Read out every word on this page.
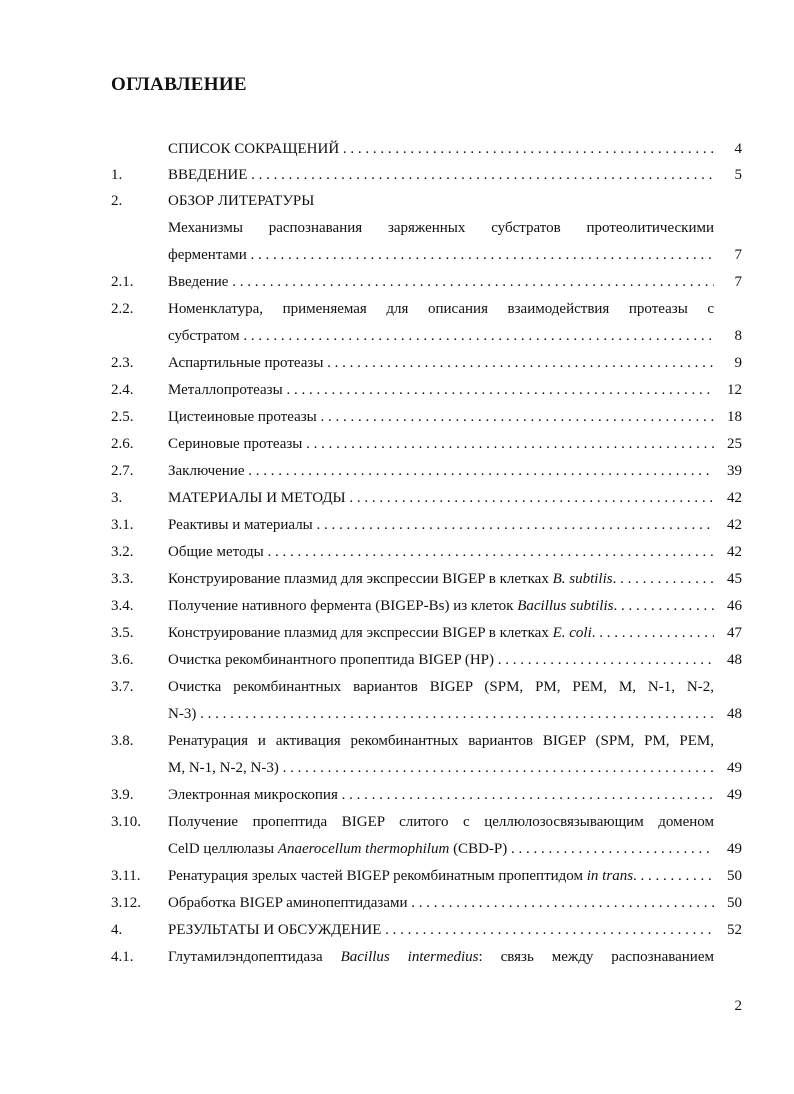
ОГЛАВЛЕНИЕ
СПИСОК СОКРАЩЕНИЙ . . .	4
1.	ВВЕДЕНИЕ . . .	5
2.	ОБЗОР ЛИТЕРАТУРЫ
Механизмы распознавания заряженных субстратов протеолитическими
ферментами . . .	7
2.1. Введение . . .	7
2.2. Номенклатура, применяемая для описания взаимодействия протеазы с
субстратом . . .	8
2.3. Аспартильные протеазы . . .	9
2.4. Металлопротеазы . . .	12
2.5. Цистеиновые протеазы . . .	18
2.6. Сериновые протеазы . . .	25
2.7. Заключение . . .	39
3.	МАТЕРИАЛЫ И МЕТОДЫ . . .	42
3.1. Реактивы и материалы . . .	42
3.2. Общие методы . . .	42
3.3. Конструирование плазмид для экспрессии BIGEP в клетках B. subtilis. . . .	45
3.4. Получение нативного фермента (BIGEP-Bs) из клеток Bacillus subtilis. . . .	46
3.5. Конструирование плазмид для экспрессии BIGEP в клетках E. coli. . . .	47
3.6. Очистка рекомбинантного пропептида BIGEP (HP) . . .	48
3.7. Очистка рекомбинантных вариантов BIGEP (SPM, PM, PEM, M, N-1, N-2,
N-3) . . .	48
3.8. Ренатурация и активация рекомбинантных вариантов BIGEP (SPM, PM, PEM,
M, N-1, N-2, N-3) . . .	49
3.9. Электронная микроскопия . . .	49
3.10. Получение пропептида BIGEP слитого с целлюлозосвязывающим доменом
CelD целлюлазы Anaerocellum thermophilum (CBD-P) . . .	49
3.11. Ренатурация зрелых частей BIGEP рекомбинатным пропептидом in trans. . . .	50
3.12. Обработка BIGEP аминопептидазами . . .	50
4.	РЕЗУЛЬТАТЫ И ОБСУЖДЕНИЕ . . .	52
4.1. Глутамилэндопептидаза Bacillus intermedius: связь между распознаванием
2
